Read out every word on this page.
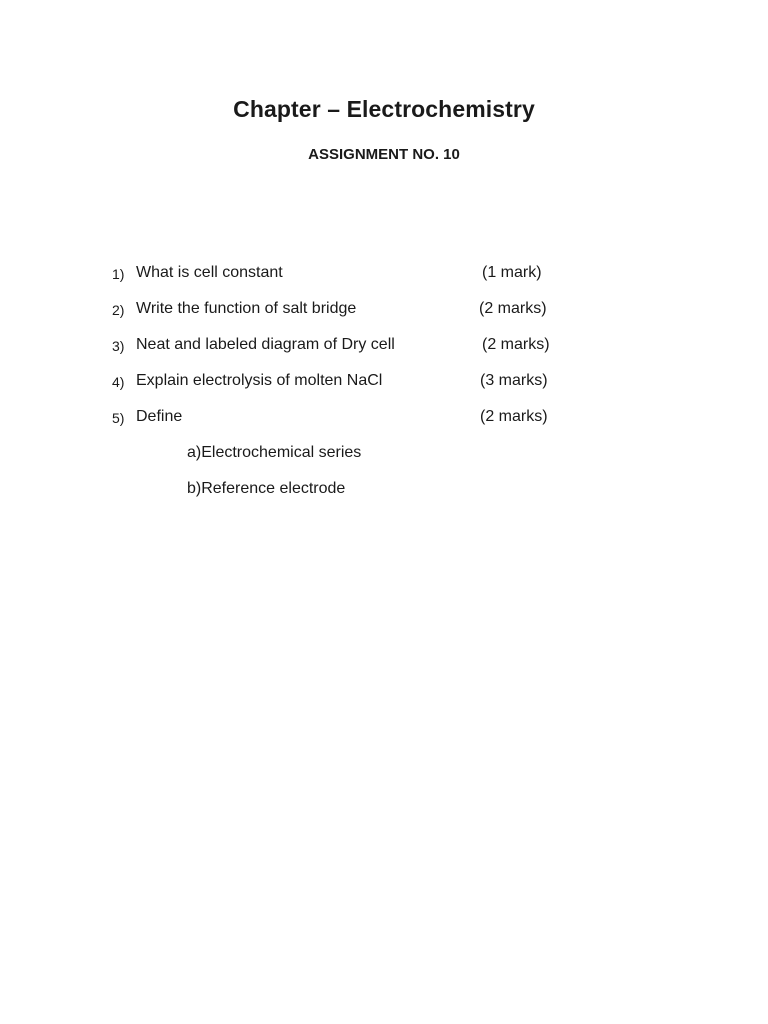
Chapter – Electrochemistry
ASSIGNMENT NO. 10
1) What is cell constant	(1 mark)
2) Write the function of salt bridge	(2 marks)
3) Neat and labeled diagram of Dry cell	(2 marks)
4) Explain electrolysis of molten NaCl	(3 marks)
5) Define	(2 marks)
a)Electrochemical series
b)Reference electrode
